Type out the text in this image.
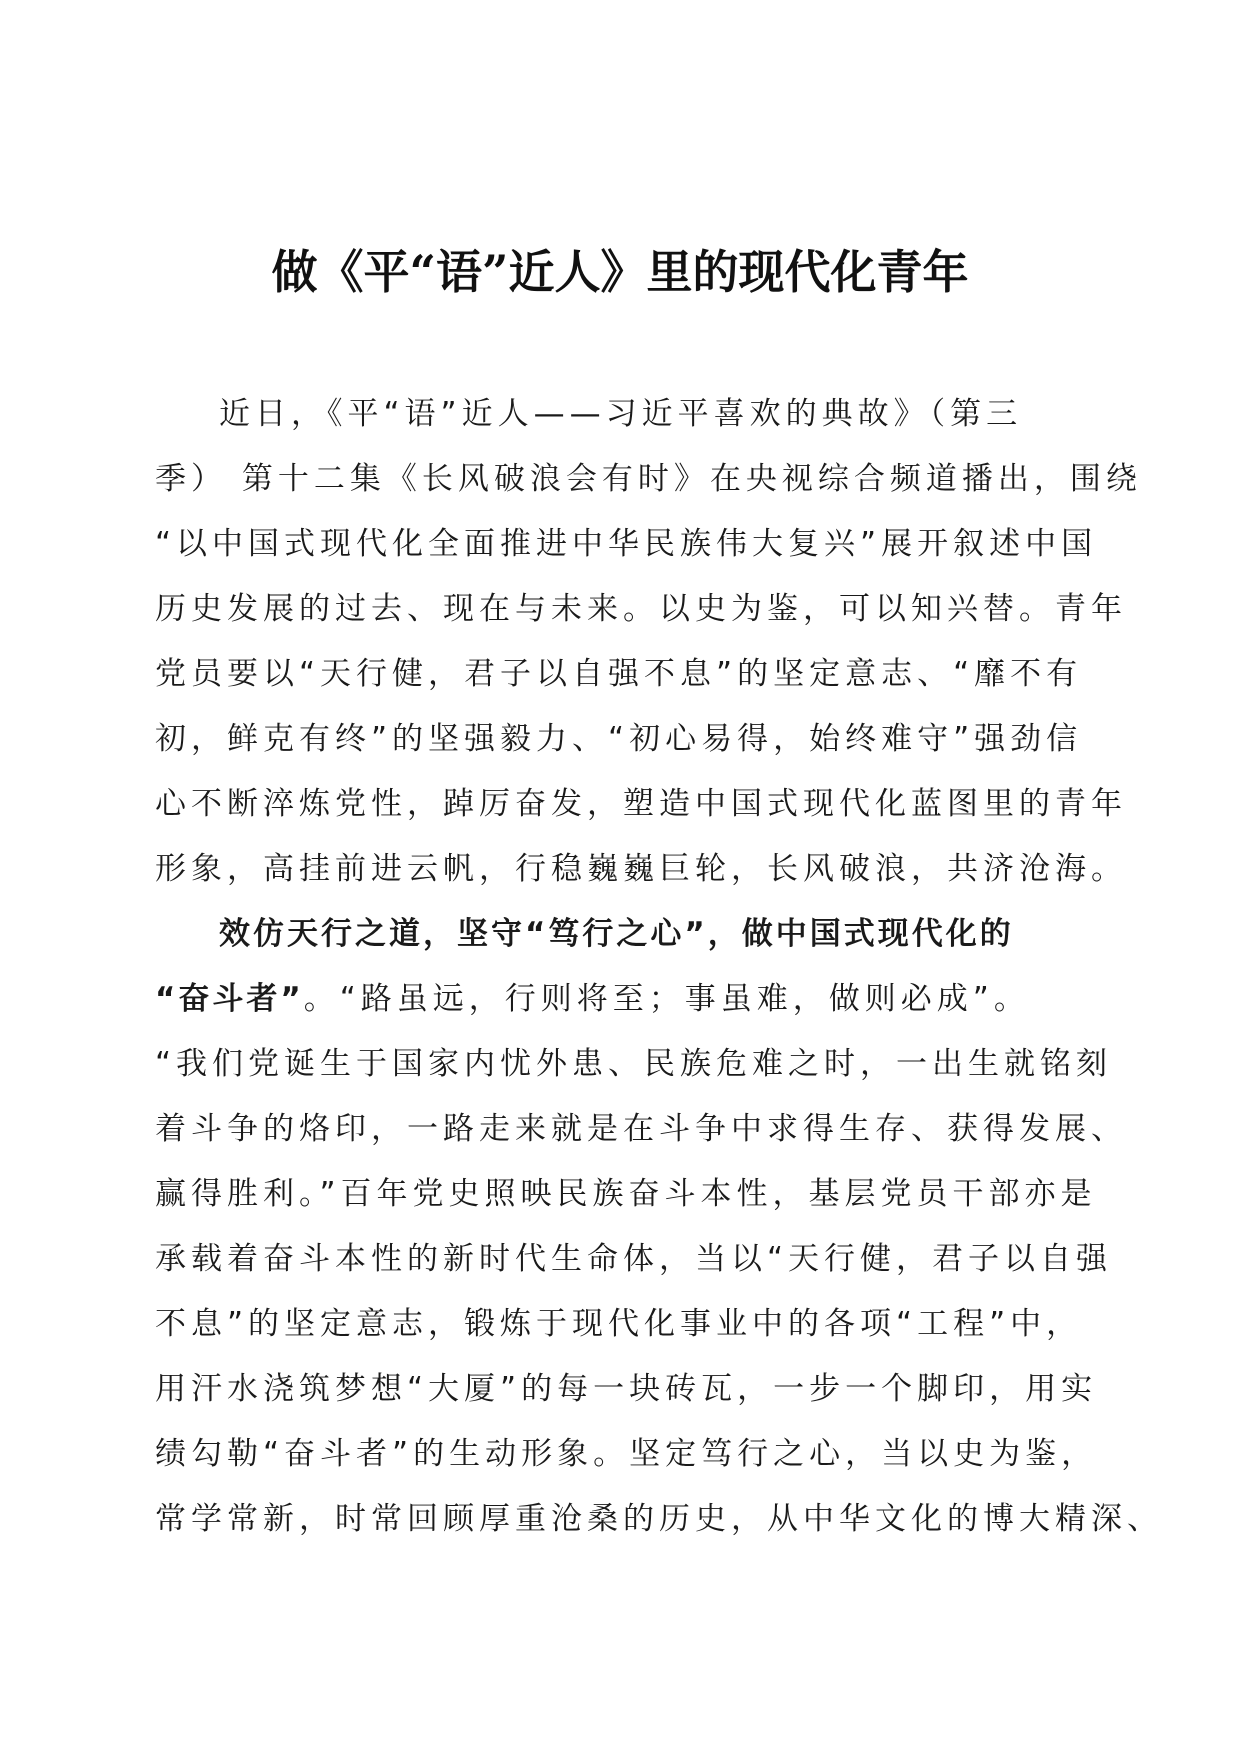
做《平“语”近人》里的现代化青年
近日，《平“语”近人——习近平喜欢的典故》（第三
季） 第十二集《长风破浪会有时》在央视综合频道播出，围绕
“以中国式现代化全面推进中华民族伟大复兴”展开叙述中国
历史发展的过去、现在与未来。以史为鉴，可以知兴替。青年
党员要以“天行健，君子以自强不息”的坚定意志、“靡不有
初，鲜克有终”的坚强毅力、“初心易得，始终难守”强劲信
心不断淬炼党性，踔厉奋发，塑造中国式现代化蓝图里的青年
形象，高挂前进云帆，行稳巍巍巨轮，长风破浪，共济沧海。
效仿天行之道，坚守“笃行之心”，做中国式现代化的
“奋斗者”。“路虽远，行则将至；事虽难，做则必成”。
“我们党诞生于国家内忧外患、民族危难之时，一出生就铭刻
着斗争的烙印，一路走来就是在斗争中求得生存、获得发展、
赢得胜利。”百年党史照映民族奋斗本性，基层党员干部亦是
承载着奋斗本性的新时代生命体，当以“天行健，君子以自强
不息”的坚定意志，锻炼于现代化事业中的各项“工程”中，
用汗水浇筑梦想“大厦”的每一块砖瓦，一步一个脚印，用实
绩勾勒“奋斗者”的生动形象。坚定笃行之心，当以史为鉴，
常学常新，时常回顾厚重沧桑的历史，从中华文化的博大精深、
